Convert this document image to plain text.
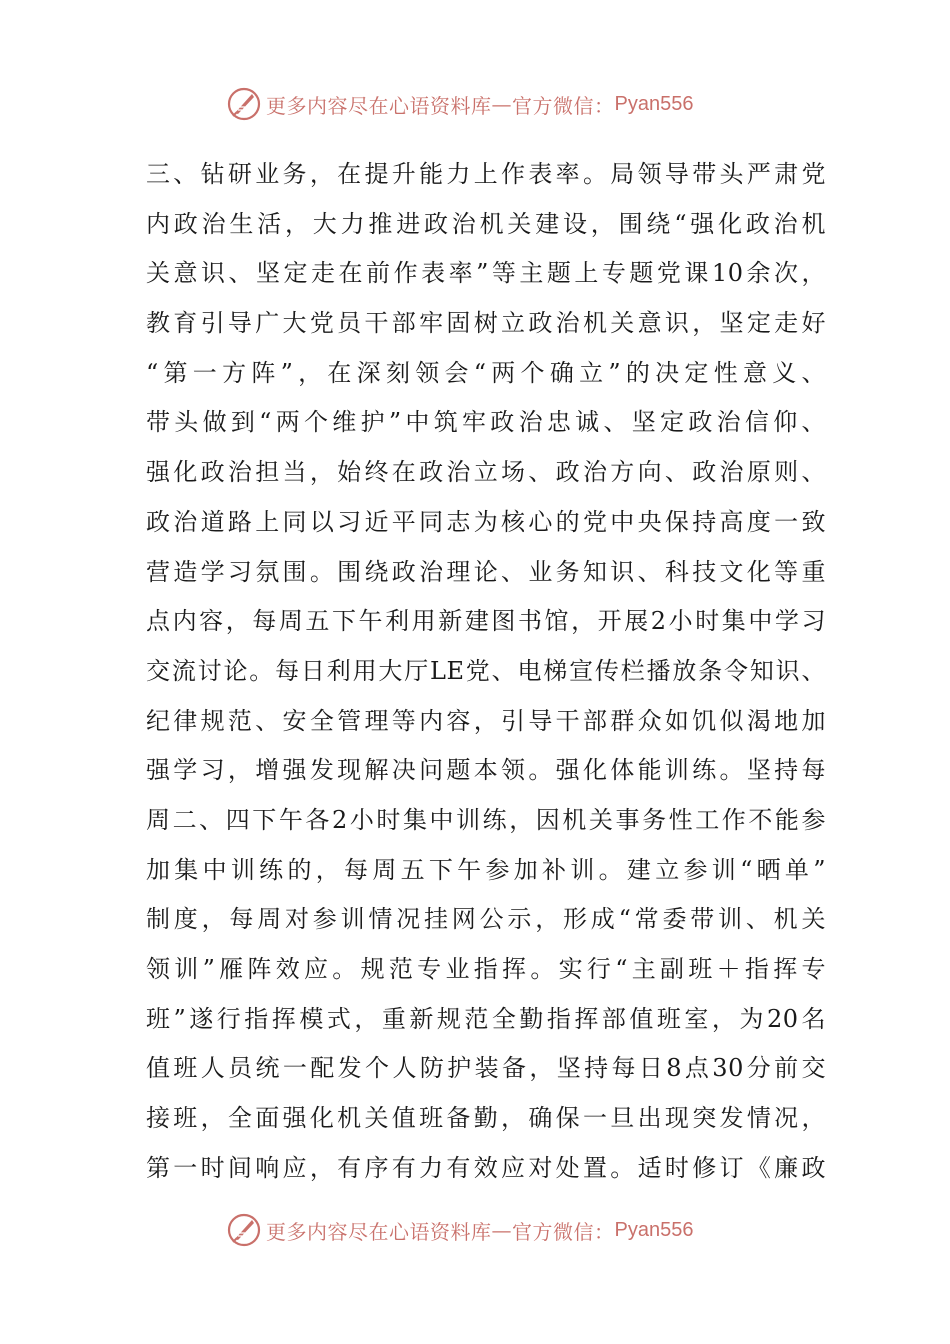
更多内容尽在心语资料库 — 官方微信： Pyan556
三、钻研业务，在提升能力上作表率。局领导带头严肃党
内政治生活，大力推进政治机关建设，围绕“强化政治机
关意识、坚定走在前作表率”等主题上专题党课10余次，
教育引导广大党员干部牢固树立政治机关意识，坚定走好
“第一方阵”，在深刻领会“两个确立”的决定性意义、
带头做到“两个维护”中筑牢政治忠诚、坚定政治信仰、
强化政治担当，始终在政治立场、政治方向、政治原则、
政治道路上同以习近平同志为核心的党中央保持高度一致
营造学习氛围。围绕政治理论、业务知识、科技文化等重
点内容，每周五下午利用新建图书馆，开展2小时集中学习
交流讨论。每日利用大厅LE党、电梯宣传栏播放条令知识、
纪律规范、安全管理等内容，引导干部群众如饥似渴地加
强学习，增强发现解决问题本领。强化体能训练。坚持每
周二、四下午各2小时集中训练，因机关事务性工作不能参
加集中训练的，每周五下午参加补训。建立参训“晒单”
制度，每周对参训情况挂网公示，形成“常委带训、机关
领训”雁阵效应。规范专业指挥。实行“主副班＋指挥专
班”遂行指挥模式，重新规范全勤指挥部值班室，为20名
值班人员统一配发个人防护装备，坚持每日8点30分前交
接班，全面强化机关值班备勤，确保一旦出现突发情况，
第一时间响应，有序有力有效应对处置。适时修订《廉政
更多内容尽在心语资料库 — 官方微信： Pyan556
